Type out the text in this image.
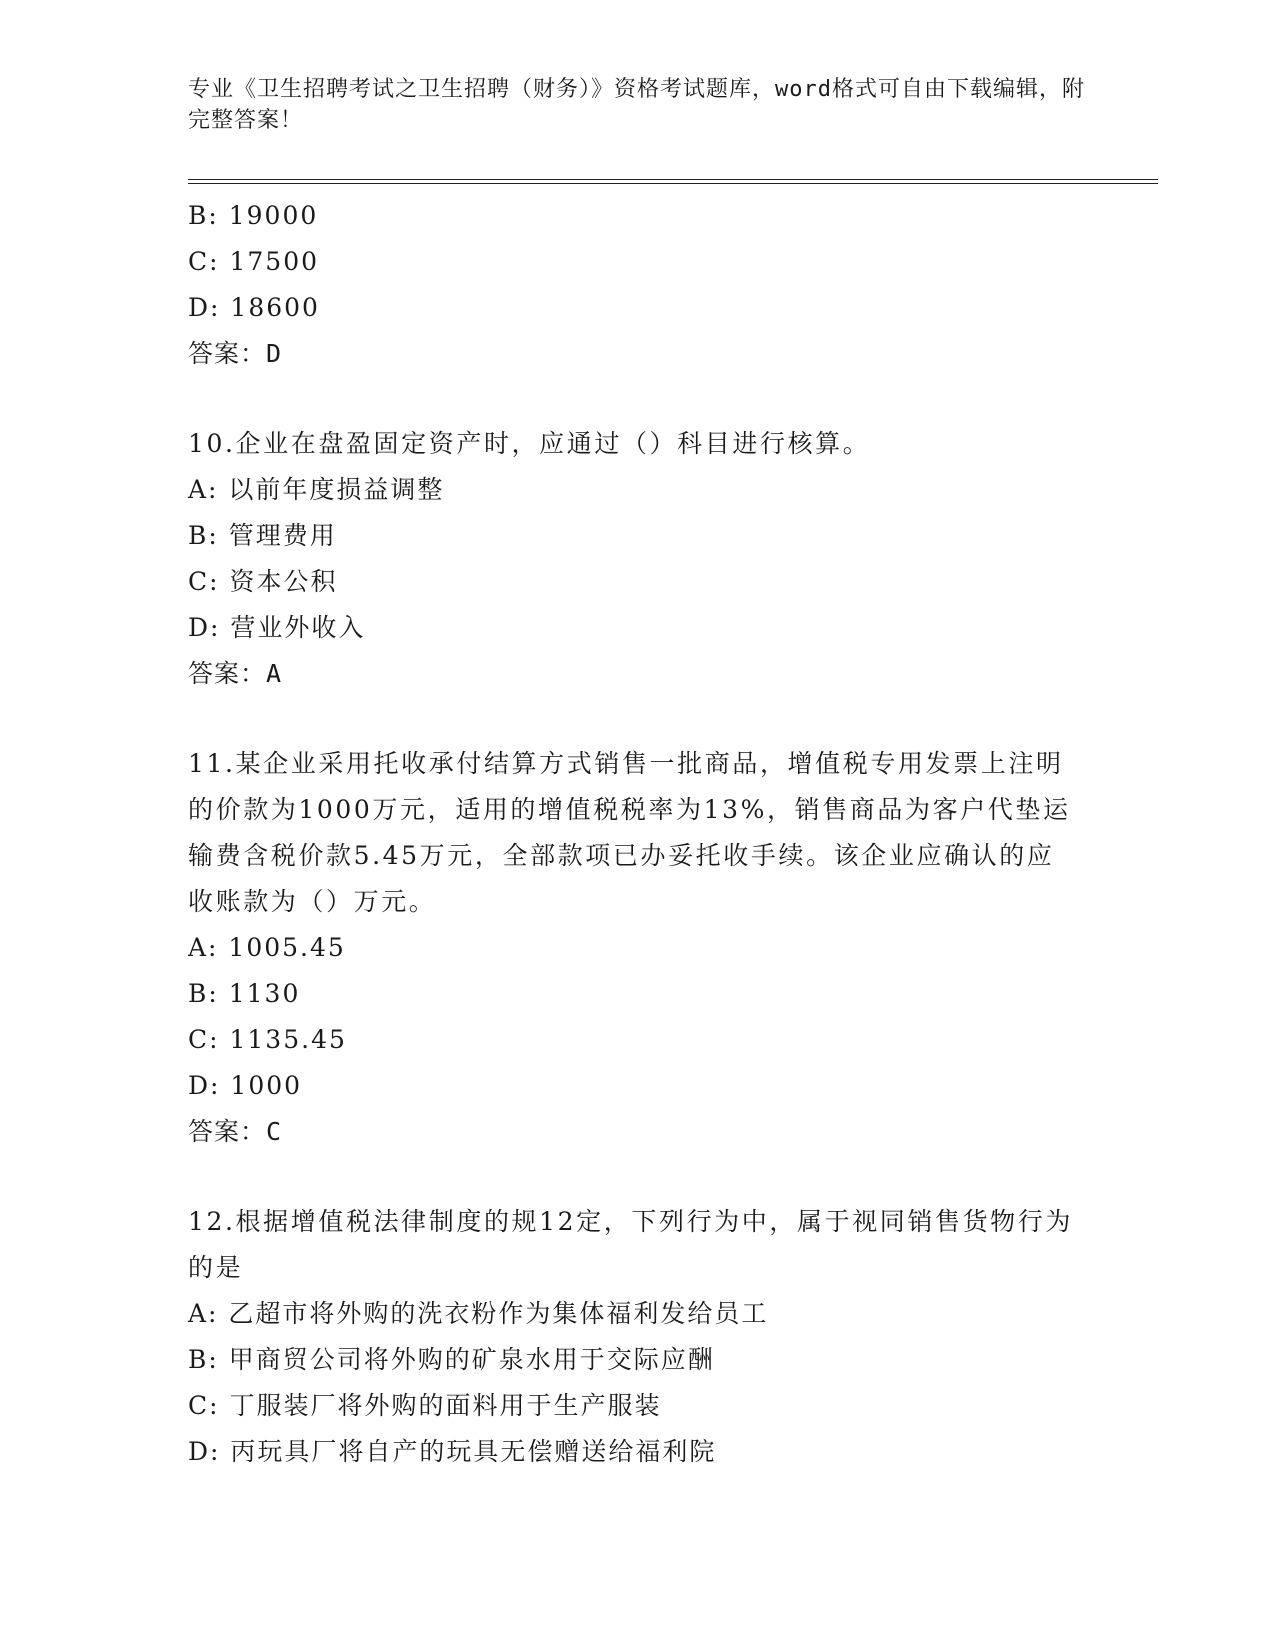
专业《卫生招聘考试之卫生招聘（财务）》资格考试题库，word格式可自由下载编辑，附完整答案！
B: 19000
C: 17500
D: 18600
答案：D
10.企业在盘盈固定资产时，应通过（）科目进行核算。
A: 以前年度损益调整
B: 管理费用
C: 资本公积
D: 营业外收入
答案：A
11.某企业采用托收承付结算方式销售一批商品，增值税专用发票上注明的价款为1000万元，适用的增值税税率为13%，销售商品为客户代垫运输费含税价款5.45万元，全部款项已办妥托收手续。该企业应确认的应收账款为（）万元。
A: 1005.45
B: 1130
C: 1135.45
D: 1000
答案：C
12.根据增值税法律制度的规12定，下列行为中，属于视同销售货物行为的是
A: 乙超市将外购的洗衣粉作为集体福利发给员工
B: 甲商贸公司将外购的矿泉水用于交际应酬
C: 丁服装厂将外购的面料用于生产服装
D: 丙玩具厂将自产的玩具无偿赠送给福利院
